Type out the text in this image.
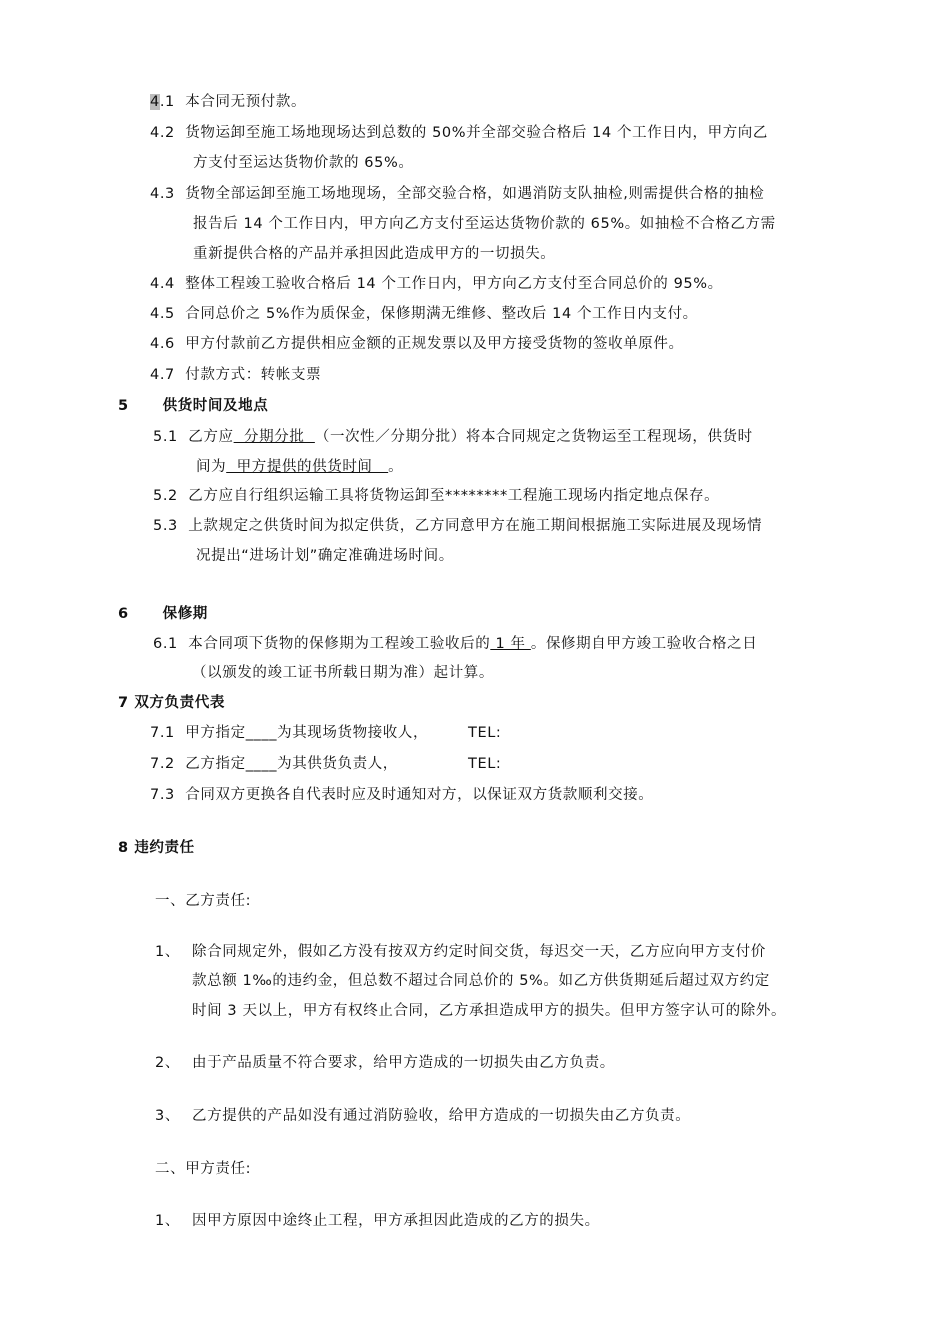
4.1 本合同无预付款。
4.2 货物运卸至施工场地现场达到总数的 50%并全部交验合格后 14 个工作日内，甲方向乙
方支付至运达货物价款的 65%。
4.3 货物全部运卸至施工场地现场，全部交验合格，如遇消防支队抽检,则需提供合格的抽检
报告后 14 个工作日内，甲方向乙方支付至运达货物价款的 65%。如抽检不合格乙方需
重新提供合格的产品并承担因此造成甲方的一切损失。
4.4 整体工程竣工验收合格后 14 个工作日内，甲方向乙方支付至合同总价的 95%。
4.5 合同总价之 5%作为质保金，保修期满无维修、整改后 14 个工作日内支付。
4.6 甲方付款前乙方提供相应金额的正规发票以及甲方接受货物的签收单原件。
4.7 付款方式：转帐支票
5 供货时间及地点
5.1 乙方应  分期分批  （一次性／分期分批）将本合同规定之货物运至工程现场，供货时
间为  甲方提供的供货时间   。
5.2 乙方应自行组织运输工具将货物运卸至********工程施工现场内指定地点保存。
5.3 上款规定之供货时间为拟定供货，乙方同意甲方在施工期间根据施工实际进展及现场情
况提出“进场计划”确定准确进场时间。
6 保修期
6.1 本合同项下货物的保修期为工程竣工验收后的 1 年 。保修期自甲方竣工验收合格之日
（以颁发的竣工证书所载日期为准）起计算。
7 双方负责代表
7.1 甲方指定____为其现场货物接收人，	TEL:
7.2 乙方指定____为其供货负责人，	TEL:
7.3 合同双方更换各自代表时应及时通知对方，以保证双方货款顺利交接。
8 违约责任
一、乙方责任:
1、 除合同规定外，假如乙方没有按双方约定时间交货，每迟交一天，乙方应向甲方支付价
款总额 1‰的违约金，但总数不超过合同总价的 5%。如乙方供货期延后超过双方约定
时间 3 天以上，甲方有权终止合同，乙方承担造成甲方的损失。但甲方签字认可的除外。
2、 由于产品质量不符合要求，给甲方造成的一切损失由乙方负责。
3、 乙方提供的产品如没有通过消防验收，给甲方造成的一切损失由乙方负责。
二、甲方责任:
1、 因甲方原因中途终止工程，甲方承担因此造成的乙方的损失。
